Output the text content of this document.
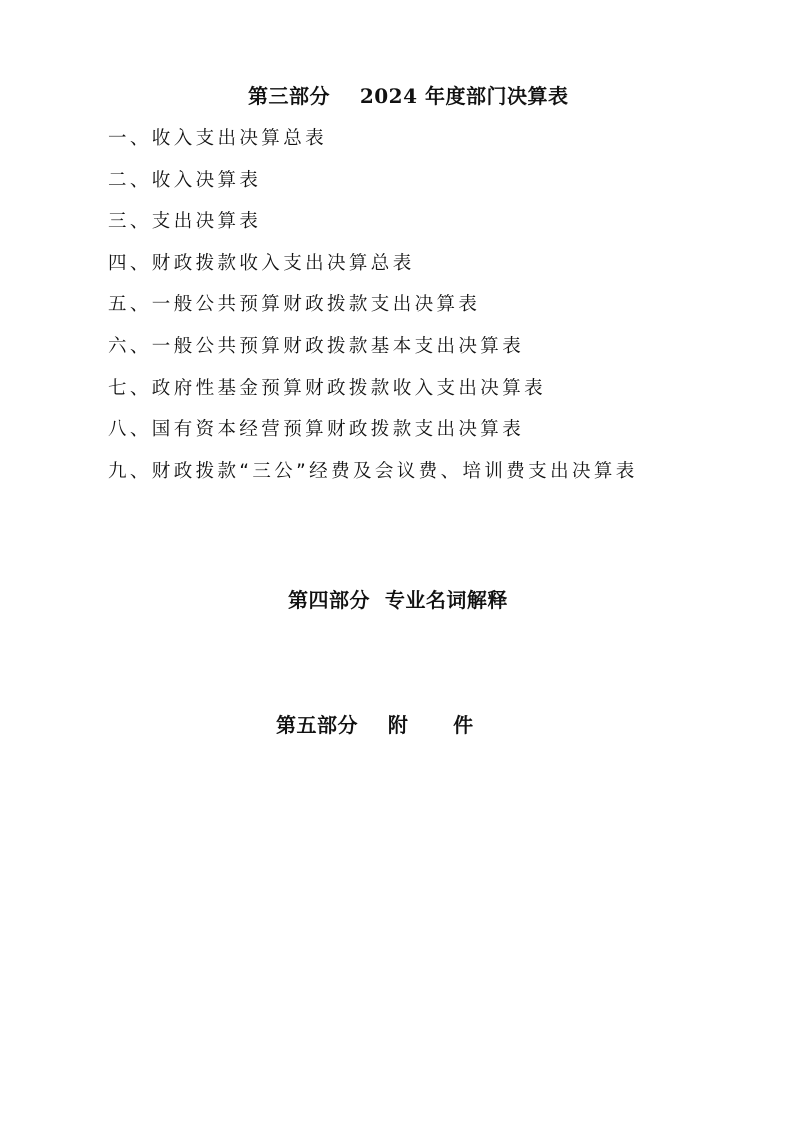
第三部分    2024 年度部门决算表
一、收入支出决算总表
二、收入决算表
三、支出决算表
四、财政拨款收入支出决算总表
五、一般公共预算财政拨款支出决算表
六、一般公共预算财政拨款基本支出决算表
七、政府性基金预算财政拨款收入支出决算表
八、国有资本经营预算财政拨款支出决算表
九、财政拨款“三公”经费及会议费、培训费支出决算表
第四部分  专业名词解释
第五部分    附      件
